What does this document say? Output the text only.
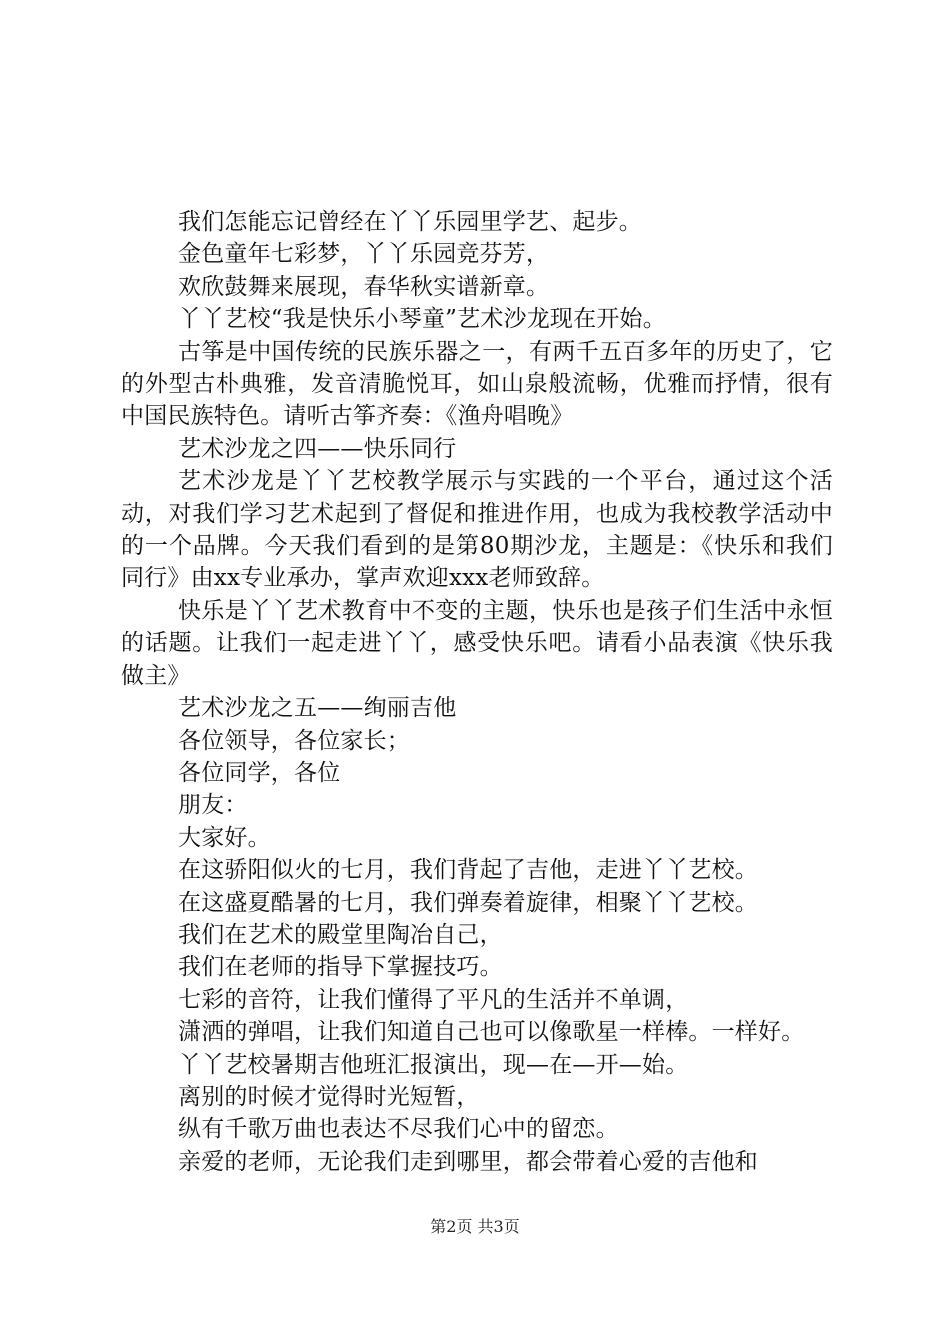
我们怎能忘记曾经在丫丫乐园里学艺、起步。

金色童年七彩梦，丫丫乐园竞芬芳，

欢欣鼓舞来展现，春华秋实谱新章。

丫丫艺校“我是快乐小琴童”艺术沙龙现在开始。

古筝是中国传统的民族乐器之一，有两千五百多年的历史了，它的外型古朴典雅，发音清脆悦耳，如山泉般流畅，优雅而抒情，很有中国民族特色。请听古筝齐奏：《渔舟唱晚》

艺术沙龙之四——快乐同行

艺术沙龙是丫丫艺校教学展示与实践的一个平台，通过这个活动，对我们学习艺术起到了督促和推进作用，也成为我校教学活动中的一个品牌。今天我们看到的是第80期沙龙，主题是：《快乐和我们同行》由xx专业承办，掌声欢迎xxx老师致辞。

快乐是丫丫艺术教育中不变的主题，快乐也是孩子们生活中永恒的话题。让我们一起走进丫丫，感受快乐吧。请看小品表演《快乐我做主》

艺术沙龙之五——绚丽吉他

各位领导，各位家长；

各位同学，各位

朋友：

大家好。

在这骄阳似火的七月，我们背起了吉他，走进丫丫艺校。

在这盛夏酷暑的七月，我们弹奏着旋律，相聚丫丫艺校。

我们在艺术的殿堂里陶冶自己，

我们在老师的指导下掌握技巧。

七彩的音符，让我们懂得了平凡的生活并不单调，

潇洒的弹唱，让我们知道自己也可以像歌星一样棒。一样好。

丫丫艺校暑期吉他班汇报演出，现—在—开—始。

离别的时候才觉得时光短暂，

纵有千歌万曲也表达不尽我们心中的留恋。

亲爱的老师，无论我们走到哪里，都会带着心爱的吉他和

第2页 共3页
